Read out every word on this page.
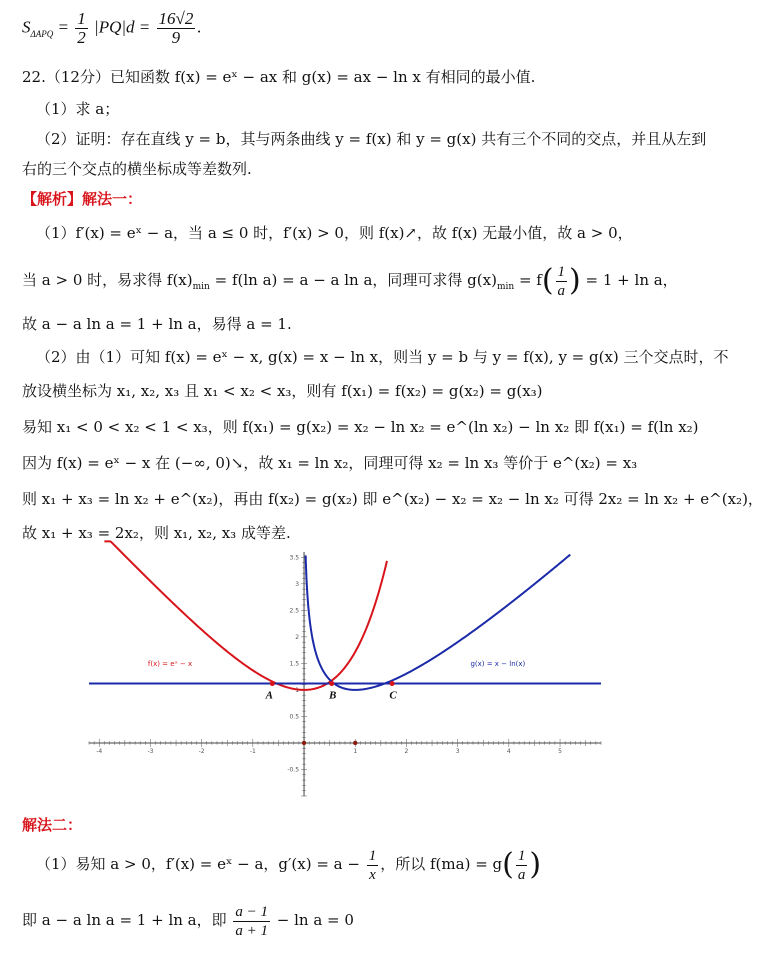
$S_{\Delta APQ} = \frac{1}{2} |PQ|d = \frac{16√2}{9}$ .
22.（12分）已知函数 f(x) = eˣ − ax 和 g(x) = ax − ln x 有相同的最小值.
（1）求 a；
（2）证明：存在直线 y = b，其与两条曲线 y = f(x) 和 y = g(x) 共有三个不同的交点，并且从左到
右的三个交点的横坐标成等差数列.
【解析】解法一：
（1）f′(x) = eˣ − a，当 a ≤ 0 时，f′(x) > 0，则 f(x)↗，故 f(x) 无最小值，故 a > 0，
当 a > 0 时，易求得 $f(x)_{min} = f(\ln$ a) = a − a ln a，同理可求得 $g(x)_{min} = f( \frac{1}{a}$ ) = 1 + ln a，
故 a − a ln a = 1 + ln a，易得 a = 1.
（2）由（1）可知 f(x) = eˣ − x, g(x) = x − ln x，则当 y = b 与 y = f(x), y = g(x) 三个交点时，不
放设横坐标为 x₁, x₂, x₃ 且 x₁ < x₂ < x₃，则有 f(x₁) = f(x₂) = g(x₂) = g(x₃)
易知 x₁ < 0 < x₂ < 1 < x₃，则 f(x₁) = g(x₂) = x₂ − ln x₂ = e^(ln x₂) − ln x₂ 即 f(x₁) = f(ln x₂)
因为 f(x) = eˣ − x 在 (−∞, 0)↘，故 x₁ = ln x₂，同理可得 x₂ = ln x₃ 等价于 e^(x₂) = x₃
则 x₁ + x₃ = ln x₂ + e^(x₂)，再由 f(x₂) = g(x₂) 即 e^(x₂) − x₂ = x₂ − ln x₂ 可得 2x₂ = ln x₂ + e^(x₂)，
故 x₁ + x₃ = 2x₂，则 x₁, x₂, x₃ 成等差.
-4	-3	-2	-1	1	2	3	4	5
-0.5
0.5
1
1.5
2
2.5
3
3.5
f(x) = eˣ − x	g(x) = x − ln(x)
A	B	C
解法二：
（1）易知 a > 0，f′(x) = eˣ − a，$g'(x) = a - \frac{1}{x}$ ，所以 $f(ma) = g( \frac{1}{a}$ )
即 a − a ln a = 1 + ln a，即 $\frac{a - 1}{a + 1} - \ln a = 0$
